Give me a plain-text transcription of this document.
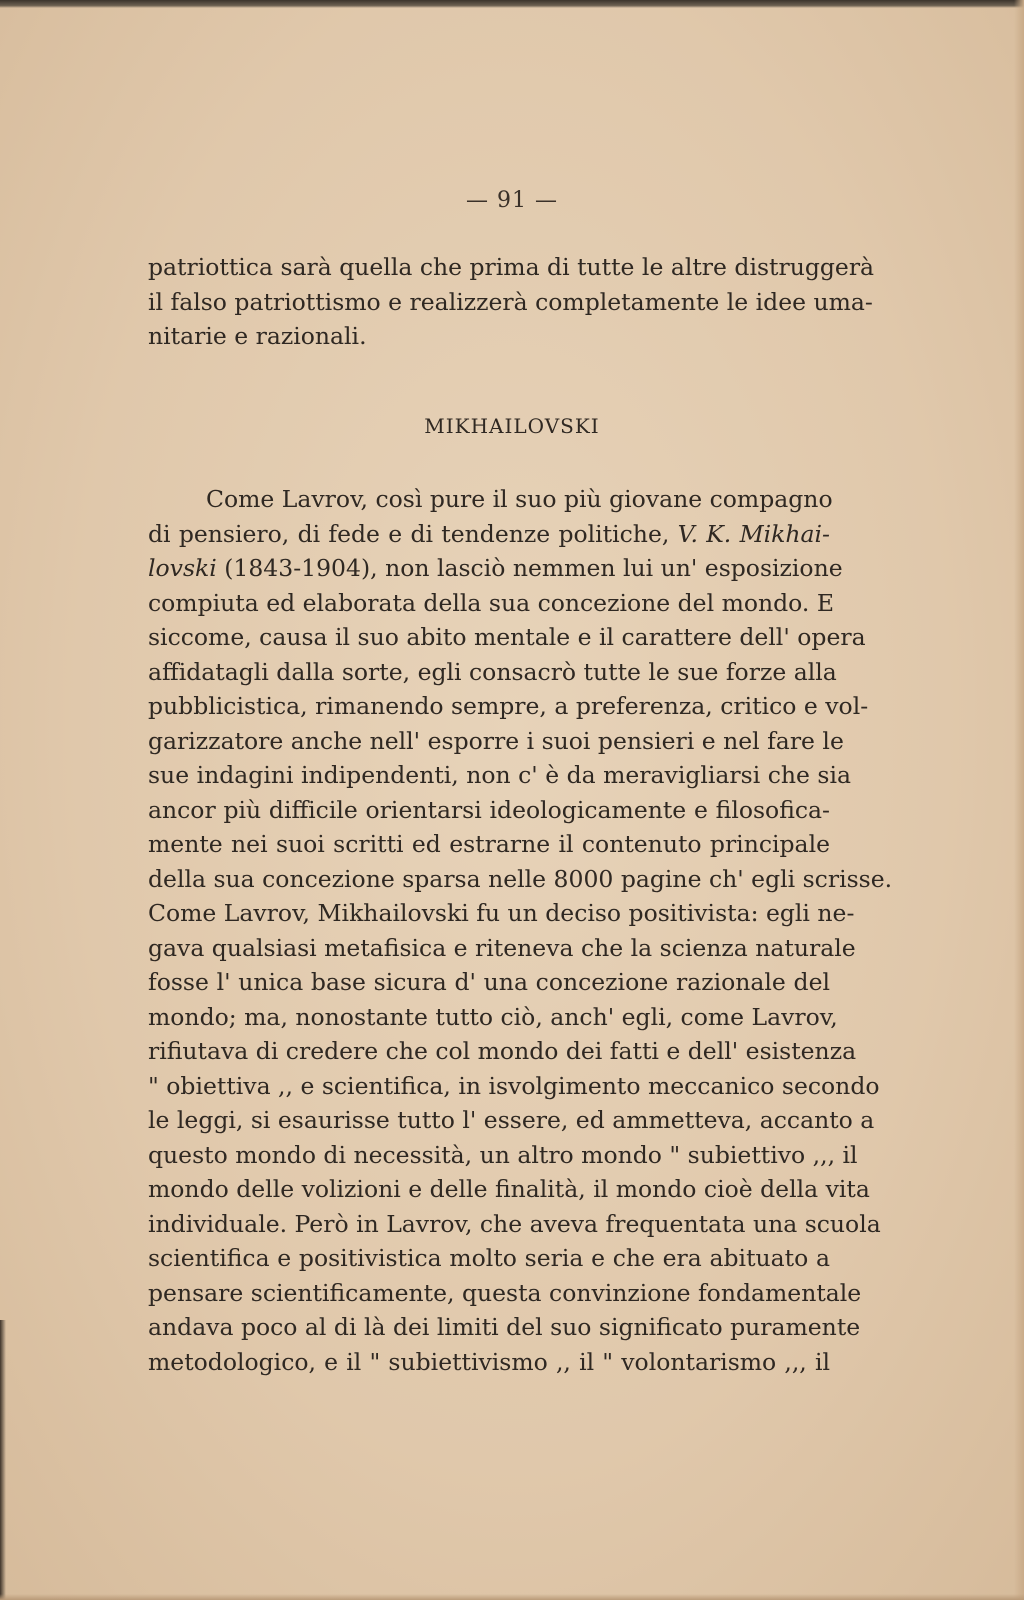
— 91 —
patriottica sarà quella che prima di tutte le altre distruggerà
il falso patriottismo e realizzerà completamente le idee uma-
nitarie e razionali.
MIKHAILOVSKI
Come Lavrov, così pure il suo più giovane compagno
di pensiero, di fede e di tendenze politiche, V. K. Mikhai-
lovski (1843-1904), non lasciò nemmen lui un' esposizione
compiuta ed elaborata della sua concezione del mondo. E
siccome, causa il suo abito mentale e il carattere dell' opera
affidatagli dalla sorte, egli consacrò tutte le sue forze alla
pubblicistica, rimanendo sempre, a preferenza, critico e vol-
garizzatore anche nell' esporre i suoi pensieri e nel fare le
sue indagini indipendenti, non c' è da meravigliarsi che sia
ancor più difficile orientarsi ideologicamente e filosofica-
mente nei suoi scritti ed estrarne il contenuto principale
della sua concezione sparsa nelle 8000 pagine ch' egli scrisse.
Come Lavrov, Mikhailovski fu un deciso positivista: egli ne-
gava qualsiasi metafisica e riteneva che la scienza naturale
fosse l' unica base sicura d' una concezione razionale del
mondo; ma, nonostante tutto ciò, anch' egli, come Lavrov,
rifiutava di credere che col mondo dei fatti e dell' esistenza
" obiettiva ,, e scientifica, in isvolgimento meccanico secondo
le leggi, si esaurisse tutto l' essere, ed ammetteva, accanto a
questo mondo di necessità, un altro mondo " subiettivo ,,, il
mondo delle volizioni e delle finalità, il mondo cioè della vita
individuale. Però in Lavrov, che aveva frequentata una scuola
scientifica e positivistica molto seria e che era abituato a
pensare scientificamente, questa convinzione fondamentale
andava poco al di là dei limiti del suo significato puramente
metodologico, e il " subiettivismo ,, il " volontarismo ,,, il
